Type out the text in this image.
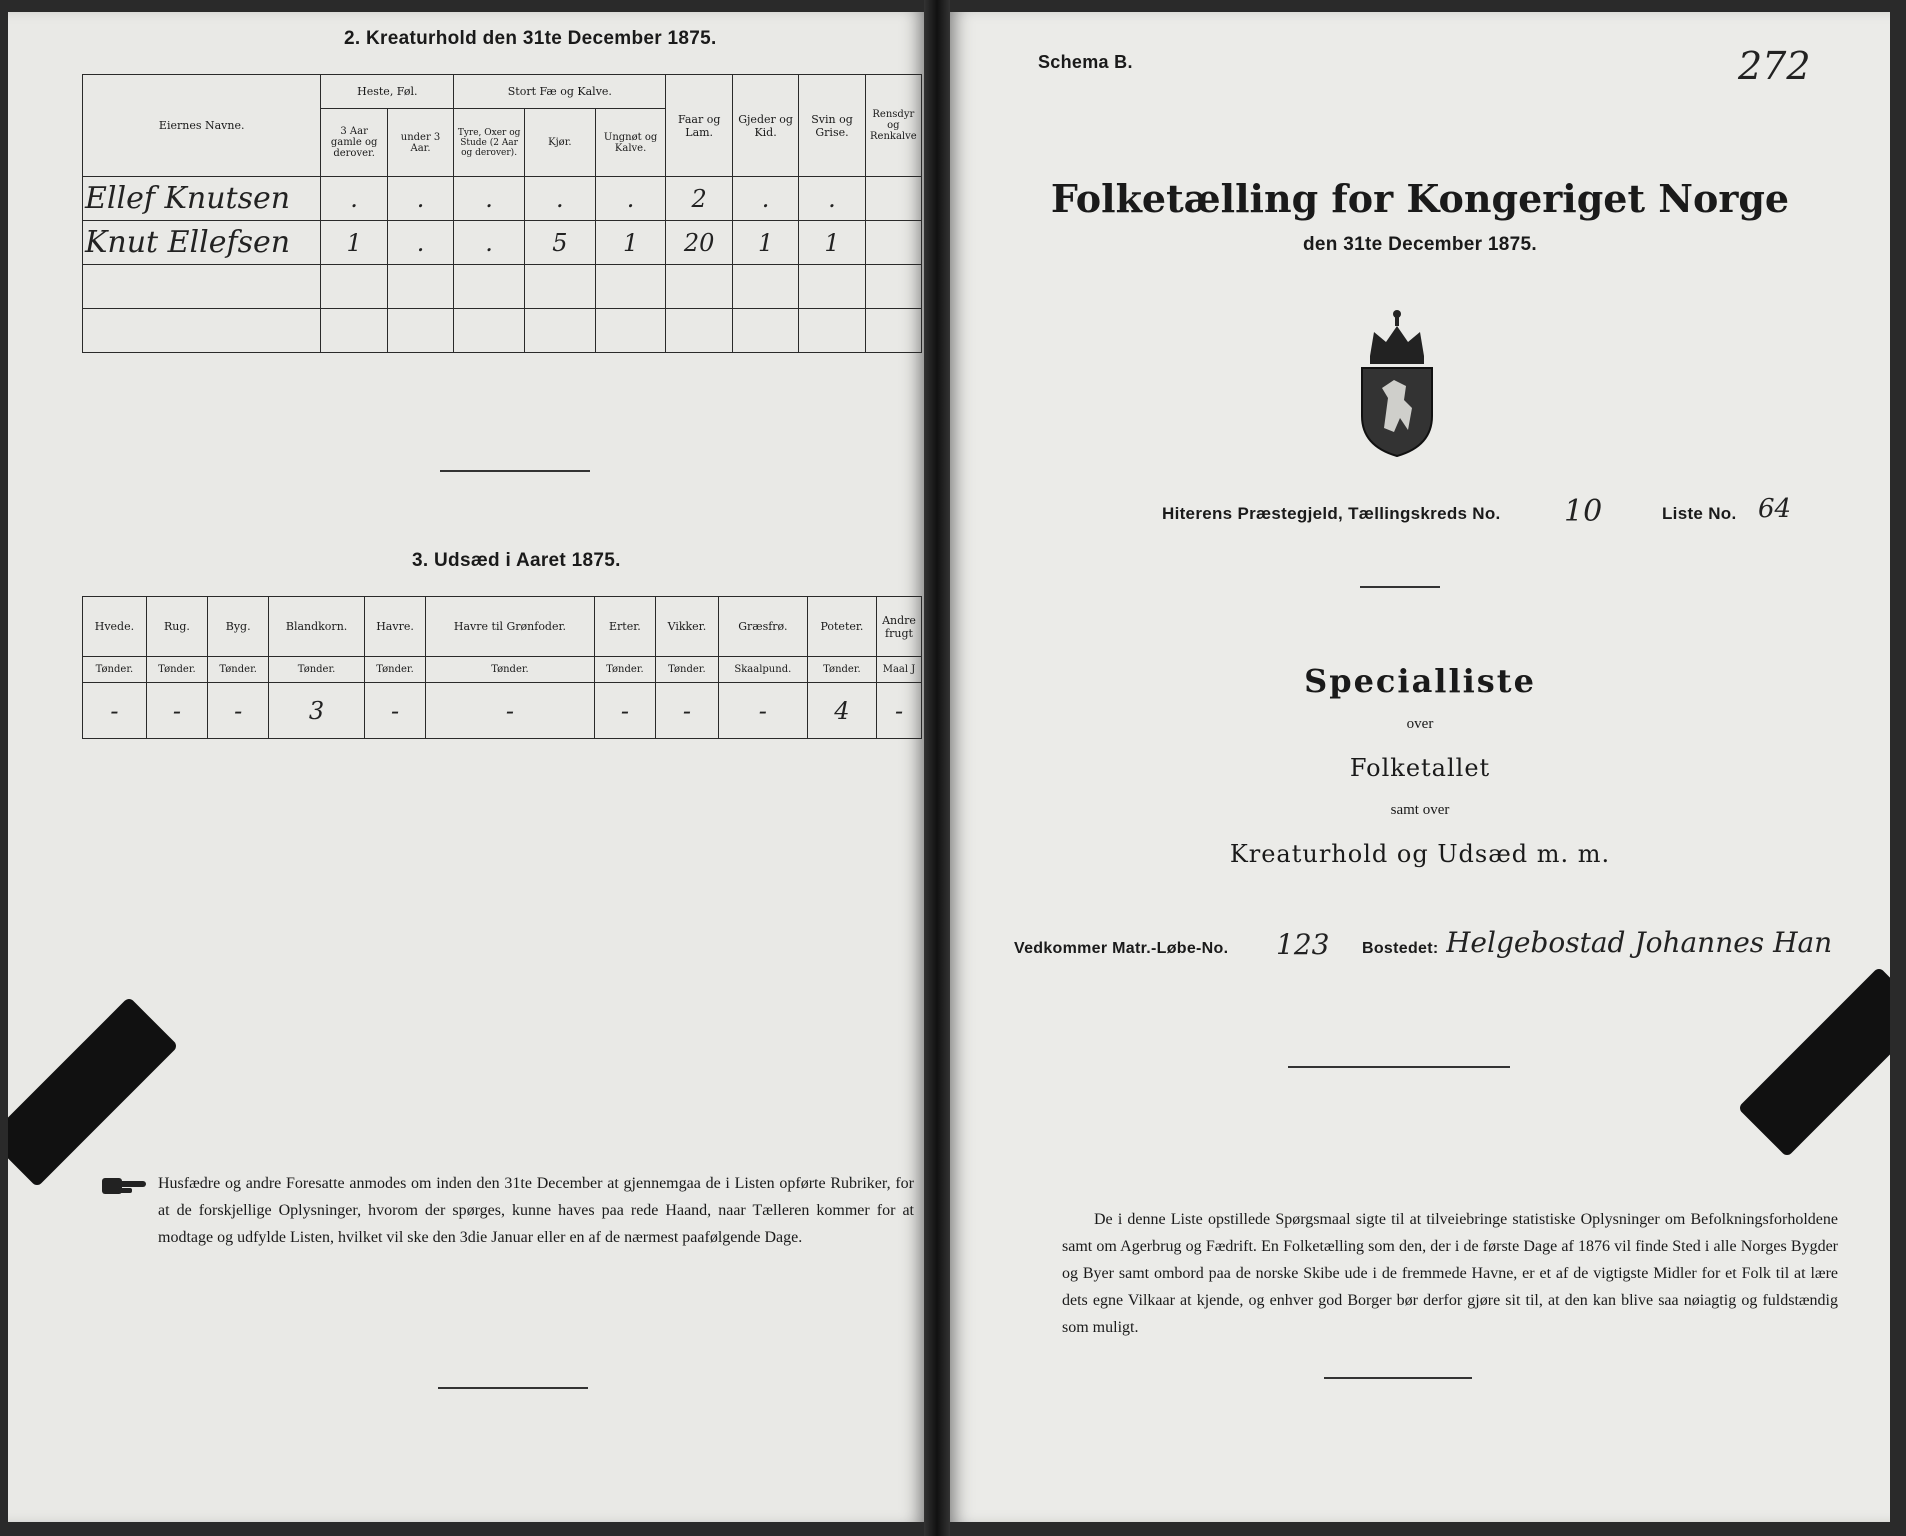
2. Kreaturhold den 31te December 1875.
Eiernes Navne.	Heste, Føl.		Stort Fæ og Kalve.			Faar og Lam.	Gjeder og Kid.	Svin og Grise.	Rensdyr og Renkalve
	3 Aar gamle og derover.	under 3 Aar.	Tyre, Oxer og Stude (2 Aar og derover).	Kjør.	Ungnøt og Kalve.				
Ellef Knutsen	.	.	.	.	.	2	.	.	
Knut Ellefsen	1	.	.	5	1	20	1	1	

3. Udsæd i Aaret 1875.
Hvede.	Rug.	Byg.	Blandkorn.	Havre.	Havre til Grønfoder.	Erter.	Vikker.	Græsfrø.	Poteter.	Andre frugt
Tønder.	Tønder.	Tønder.	Tønder.	Tønder.	Tønder.	Tønder.	Tønder.	Skaalpund.	Tønder.	Maal J
-	-	-	3	-	-	-	-	-	4	-
Husfædre og andre Foresatte anmodes om inden den 31te December at gjennemgaa de i Listen opførte Rubriker, for at de forskjellige Oplysninger, hvorom der spørges, kunne haves paa rede Haand, naar Tælleren kommer for at modtage og udfylde Listen, hvilket vil ske den 3die Januar eller en af de nærmest paafølgende Dage.
Schema B.	272
Folketælling for Kongeriget Norge
den 31te December 1875.
Hiterens Præstegjeld, Tællingskreds No. 10	Liste No. 64
Specialliste
over
Folketallet
samt over
Kreaturhold og Udsæd m. m.
Vedkommer Matr.-Løbe-No. 123 Bostedet: Helgebostad Johannes Han
De i denne Liste opstillede Spørgsmaal sigte til at tilveiebringe statistiske Oplysninger om Befolkningsforholdene samt om Agerbrug og Fædrift. En Folketælling som den, der i de første Dage af 1876 vil finde Sted i alle Norges Bygder og Byer samt ombord paa de norske Skibe ude i de fremmede Havne, er et af de vigtigste Midler for et Folk til at lære dets egne Vilkaar at kjende, og enhver god Borger bør derfor gjøre sit til, at den kan blive saa nøiagtig og fuldstændig som muligt.
